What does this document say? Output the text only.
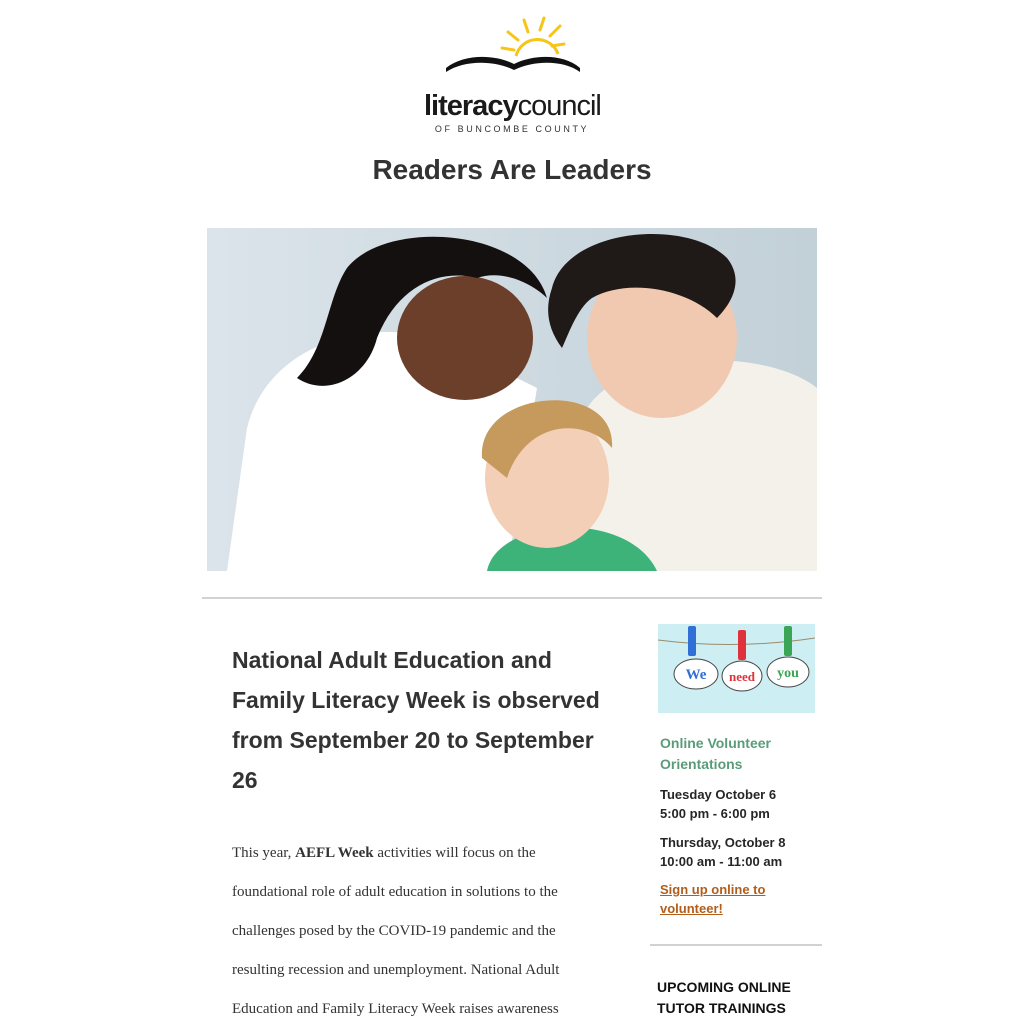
literacycouncil
OF BUNCOMBE COUNTY
Readers Are Leaders
National Adult Education and Family Literacy Week is observed from September 20 to September 26

This year, AEFL Week activities will focus on the foundational role of adult education in solutions to the challenges posed by the COVID-19 pandemic and the resulting recession and unemployment. National Adult Education and Family Literacy Week raises awareness

We need you
Online Volunteer Orientations
Tuesday October 6
5:00 pm - 6:00 pm
Thursday, October 8
10:00 am - 11:00 am
Sign up online to volunteer!
UPCOMING ONLINE TUTOR TRAININGS
